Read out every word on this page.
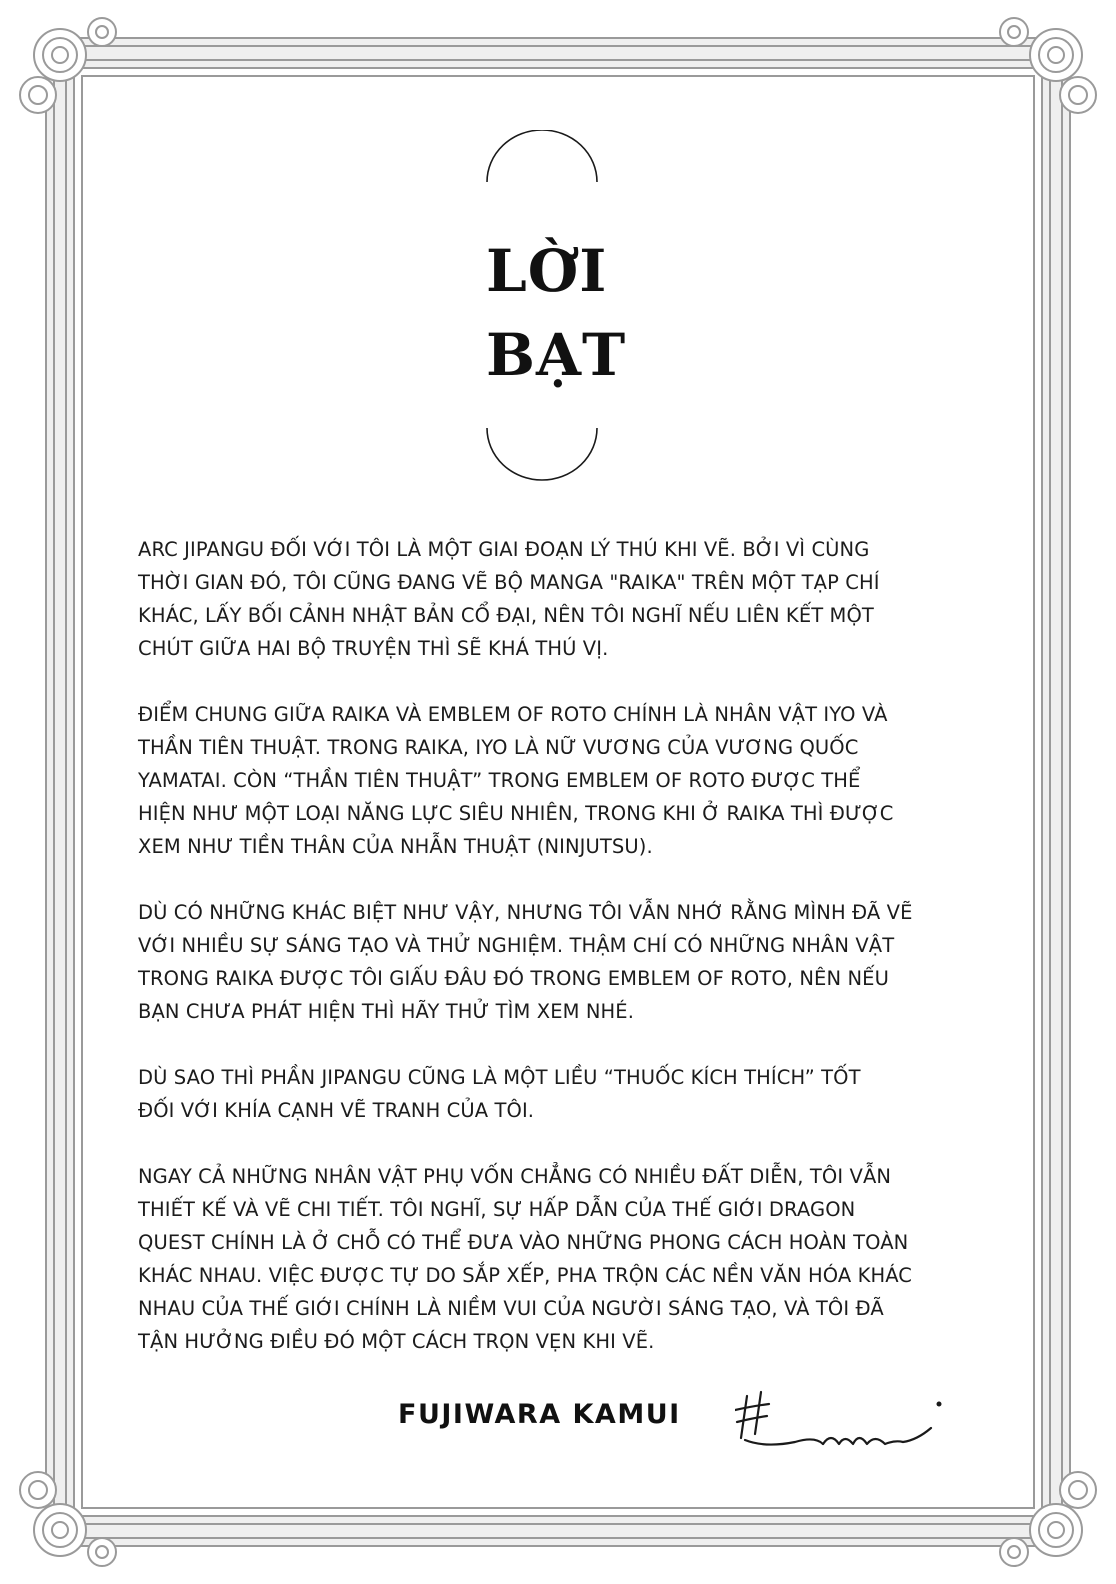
LỜI
BẠT

ARC JIPANGU ĐỐI VỚI TÔI LÀ MỘT GIAI ĐOẠN LÝ THÚ KHI VẼ. BỞI VÌ CÙNG
THỜI GIAN ĐÓ, TÔI CŨNG ĐANG VẼ BỘ MANGA "RAIKA" TRÊN MỘT TẠP CHÍ
KHÁC, LẤY BỐI CẢNH NHẬT BẢN CỔ ĐẠI, NÊN TÔI NGHĨ NẾU LIÊN KẾT MỘT
CHÚT GIỮA HAI BỘ TRUYỆN THÌ SẼ KHÁ THÚ VỊ.

ĐIỂM CHUNG GIỮA RAIKA VÀ EMBLEM OF ROTO CHÍNH LÀ NHÂN VẬT IYO VÀ
THẦN TIÊN THUẬT. TRONG RAIKA, IYO LÀ NỮ VƯƠNG CỦA VƯƠNG QUỐC
YAMATAI. CÒN “THẦN TIÊN THUẬT” TRONG EMBLEM OF ROTO ĐƯỢC THỂ
HIỆN NHƯ MỘT LOẠI NĂNG LỰC SIÊU NHIÊN, TRONG KHI Ở RAIKA THÌ ĐƯỢC
XEM NHƯ TIỀN THÂN CỦA NHẪN THUẬT (NINJUTSU).

DÙ CÓ NHỮNG KHÁC BIỆT NHƯ VẬY, NHƯNG TÔI VẪN NHỚ RẰNG MÌNH ĐÃ VẼ
VỚI NHIỀU SỰ SÁNG TẠO VÀ THỬ NGHIỆM. THẬM CHÍ CÓ NHỮNG NHÂN VẬT
TRONG RAIKA ĐƯỢC TÔI GIẤU ĐÂU ĐÓ TRONG EMBLEM OF ROTO, NÊN NẾU
BẠN CHƯA PHÁT HIỆN THÌ HÃY THỬ TÌM XEM NHÉ.

DÙ SAO THÌ PHẦN JIPANGU CŨNG LÀ MỘT LIỀU “THUỐC KÍCH THÍCH” TỐT
ĐỐI VỚI KHÍA CẠNH VẼ TRANH CỦA TÔI.

NGAY CẢ NHỮNG NHÂN VẬT PHỤ VỐN CHẲNG CÓ NHIỀU ĐẤT DIỄN, TÔI VẪN
THIẾT KẾ VÀ VẼ CHI TIẾT. TÔI NGHĨ, SỰ HẤP DẪN CỦA THẾ GIỚI DRAGON
QUEST CHÍNH LÀ Ở CHỖ CÓ THỂ ĐƯA VÀO NHỮNG PHONG CÁCH HOÀN TOÀN
KHÁC NHAU. VIỆC ĐƯỢC TỰ DO SẮP XẾP, PHA TRỘN CÁC NỀN VĂN HÓA KHÁC
NHAU CỦA THẾ GIỚI CHÍNH LÀ NIỀM VUI CỦA NGƯỜI SÁNG TẠO, VÀ TÔI ĐÃ
TẬN HƯỞNG ĐIỀU ĐÓ MỘT CÁCH TRỌN VẸN KHI VẼ.

FUJIWARA KAMUI
